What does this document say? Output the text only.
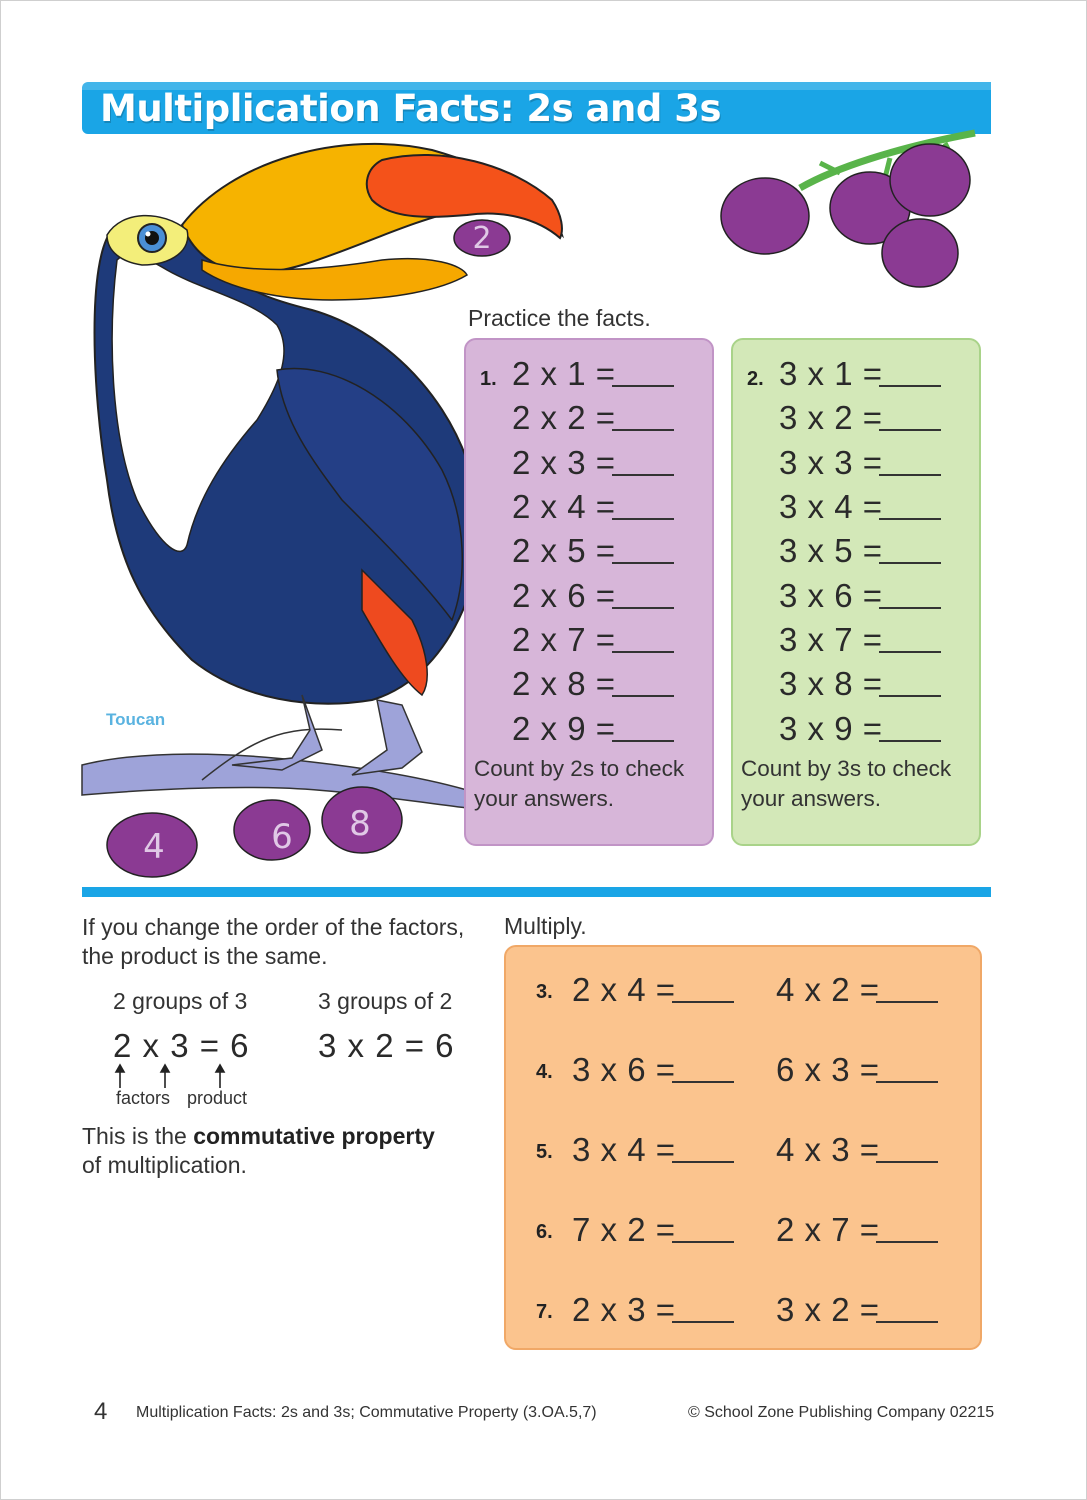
Multiplication Facts: 2s and 3s
2
4	6 8
Toucan
Practice the facts.
1. 2 x 1 =
2 x 2 =
2 x 3 =
2 x 4 =
2 x 5 =
2 x 6 =
2 x 7 =
2 x 8 =
2 x 9 =
Count by 2s to check your answers.
2. 3 x 1 =
3 x 2 =
3 x 3 =
3 x 4 =
3 x 5 =
3 x 6 =
3 x 7 =
3 x 8 =
3 x 9 =
Count by 3s to check your answers.
If you change the order of the factors, the product is the same.
2 groups of 3	3 groups of 2
2 x 3 = 6 3 x 2 = 6
factors product
This is the commutative property
of multiplication.
Multiply.
3. 2 x 4 =	4 x 2 =
4. 3 x 6 =	6 x 3 =
5. 3 x 4 =	4 x 3 =
6. 7 x 2 =	2 x 7 =
7. 2 x 3 =	3 x 2 =
4 Multiplication Facts: 2s and 3s; Commutative Property (3.OA.5,7)	© School Zone Publishing Company 02215
